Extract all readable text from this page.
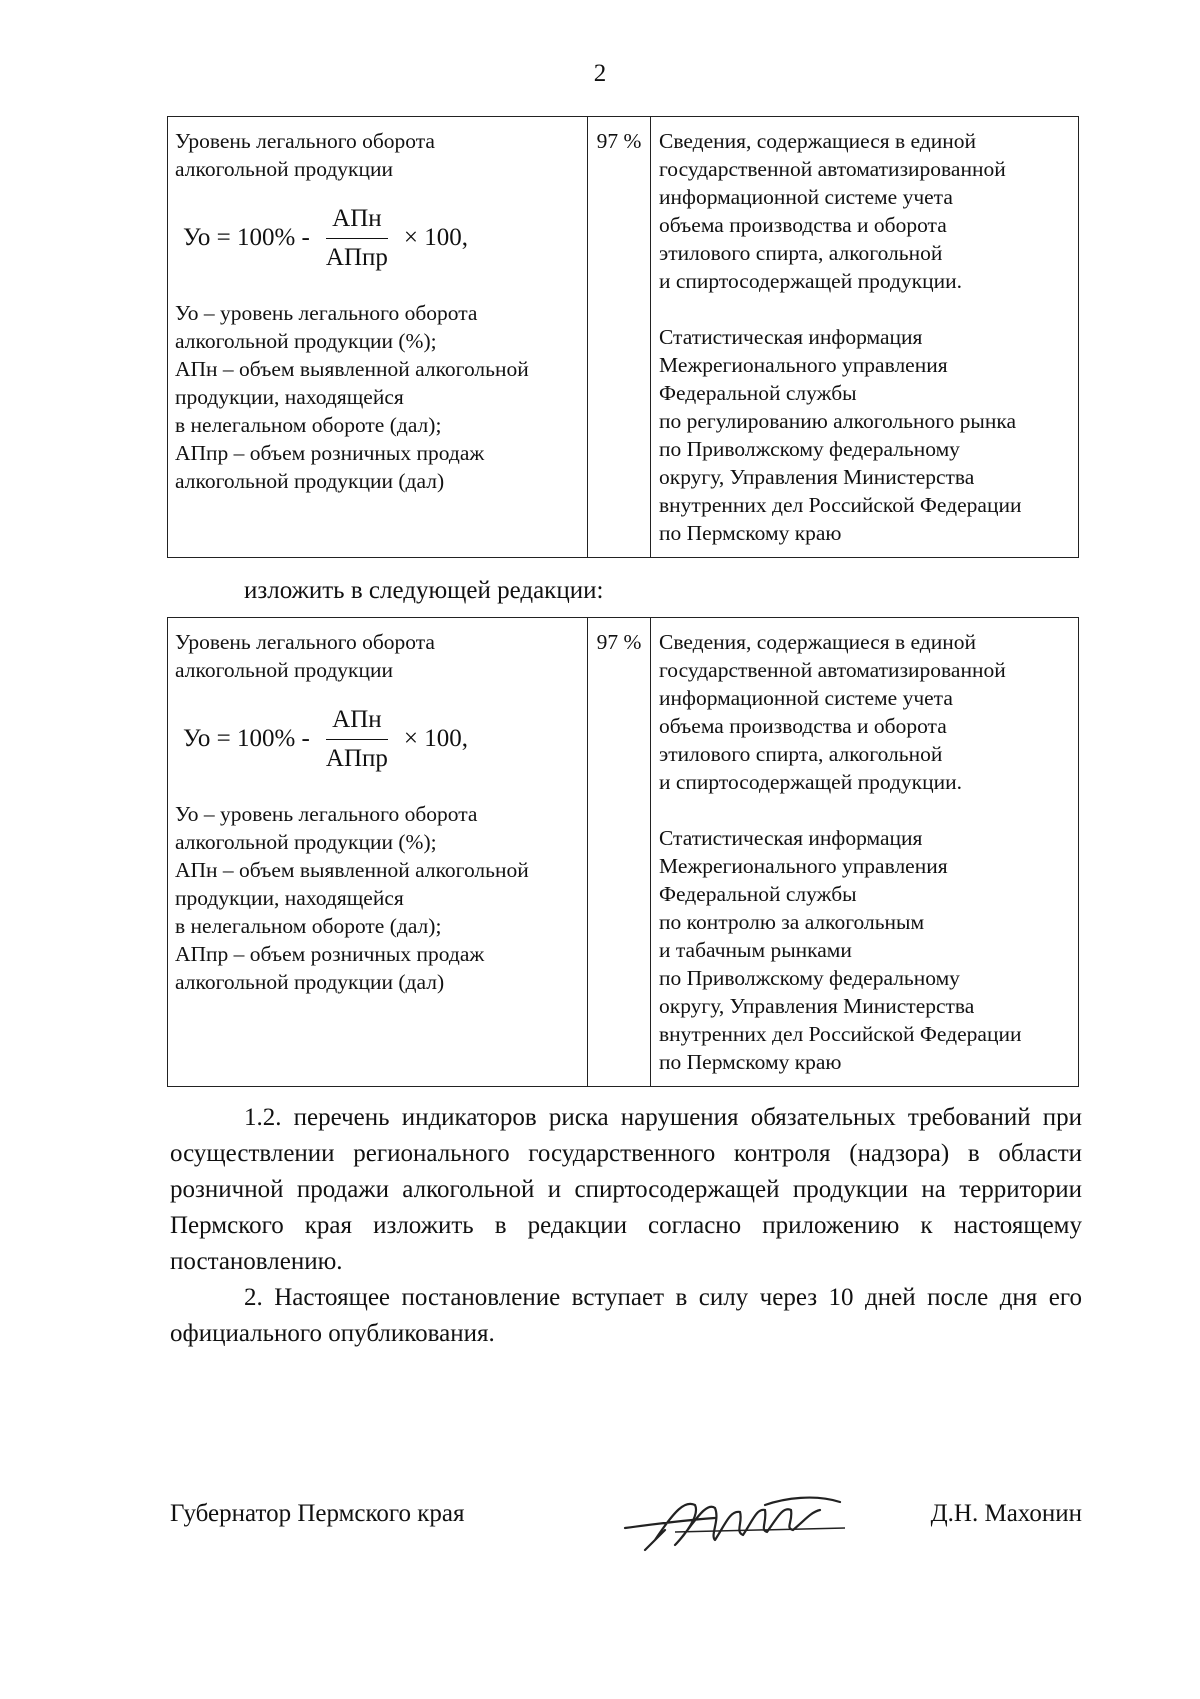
2
Уровень легального оборота
алкогольной продукции
Уо = $100\% - \frac{\text{АПн}}{\text{АПпр}} \times 100$,
Уо – уровень легального оборота
алкогольной продукции (%);
АПн – объем выявленной алкогольной
продукции, находящейся
в нелегальном обороте (дал);
АПпр – объем розничных продаж
алкогольной продукции (дал)
	97 %	Сведения, содержащиеся в единой
государственной автоматизированной
информационной системе учета
объема производства и оборота
этилового спирта, алкогольной
и спиртосодержащей продукции.
Статистическая информация
Межрегионального управления
Федеральной службы
по регулированию алкогольного рынка
по Приволжскому федеральному
округу, Управления Министерства
внутренних дел Российской Федерации
по Пермскому краю
изложить в следующей редакции:
Уровень легального оборота
алкогольной продукции
Уо = $100\% - \frac{\text{АПн}}{\text{АПпр}} \times 100$,
Уо – уровень легального оборота
алкогольной продукции (%);
АПн – объем выявленной алкогольной
продукции, находящейся
в нелегальном обороте (дал);
АПпр – объем розничных продаж
алкогольной продукции (дал)
	97 %	Сведения, содержащиеся в единой
государственной автоматизированной
информационной системе учета
объема производства и оборота
этилового спирта, алкогольной
и спиртосодержащей продукции.
Статистическая информация
Межрегионального управления
Федеральной службы
по контролю за алкогольным
и табачным рынками
по Приволжскому федеральному
округу, Управления Министерства
внутренних дел Российской Федерации
по Пермскому краю

1.2. перечень индикаторов риска нарушения обязательных требований при осуществлении регионального государственного контроля (надзора) в области розничной продажи алкогольной и спиртосодержащей продукции на территории Пермского края изложить в редакции согласно приложению к настоящему постановлению.

2. Настоящее постановление вступает в силу через 10 дней после дня его официального опубликования.

Губернатор Пермского края	Д.Н. Махонин
